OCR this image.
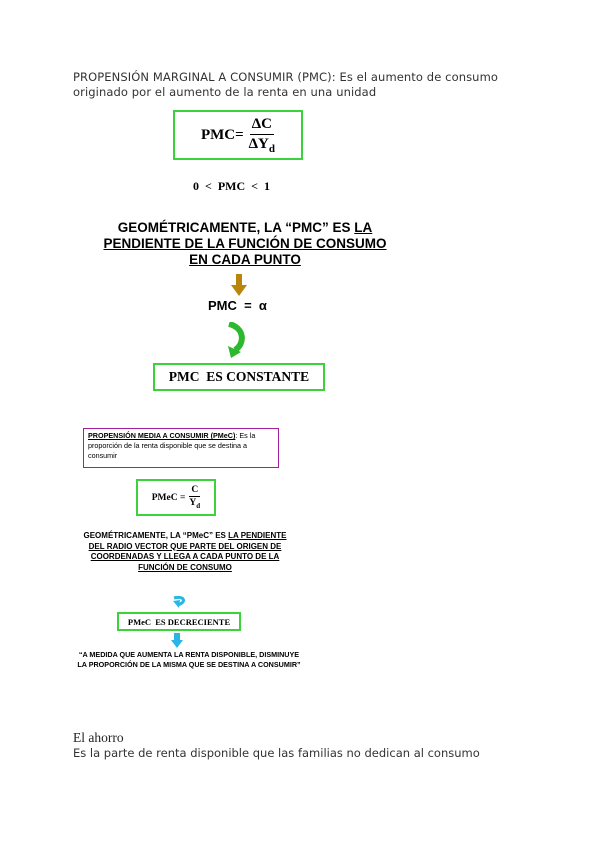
PROPENSIÓN MARGINAL A CONSUMIR (PMC): Es el aumento de consumo
originado por el aumento de la renta en una unidad
$PMC= \frac{\Delta C}{\Delta Y_d}$
0  <  PMC  <  1
GEOMÉTRICAMENTE, LA “PMC” ES LA PENDIENTE DE LA FUNCIÓN DE CONSUMO EN CADA PUNTO
PMC  =  α
PMC  ES CONSTANTE
PROPENSIÓN MEDIA A CONSUMIR (PMeC): Es la proporción de la renta disponible que se destina a consumir
PMeC = $\frac{C}{Y_d}$
GEOMÉTRICAMENTE, LA “PMeC” ES LA PENDIENTE DEL RADIO VECTOR QUE PARTE DEL ORIGEN DE COORDENADAS Y LLEGA A CADA PUNTO DE LA FUNCIÓN DE CONSUMO
PMeC  ES DECRECIENTE
“A MEDIDA QUE AUMENTA LA RENTA DISPONIBLE, DISMINUYE LA PROPORCIÓN DE LA MISMA QUE SE DESTINA A CONSUMIR”
El ahorro
Es la parte de renta disponible que las familias no dedican al consumo
